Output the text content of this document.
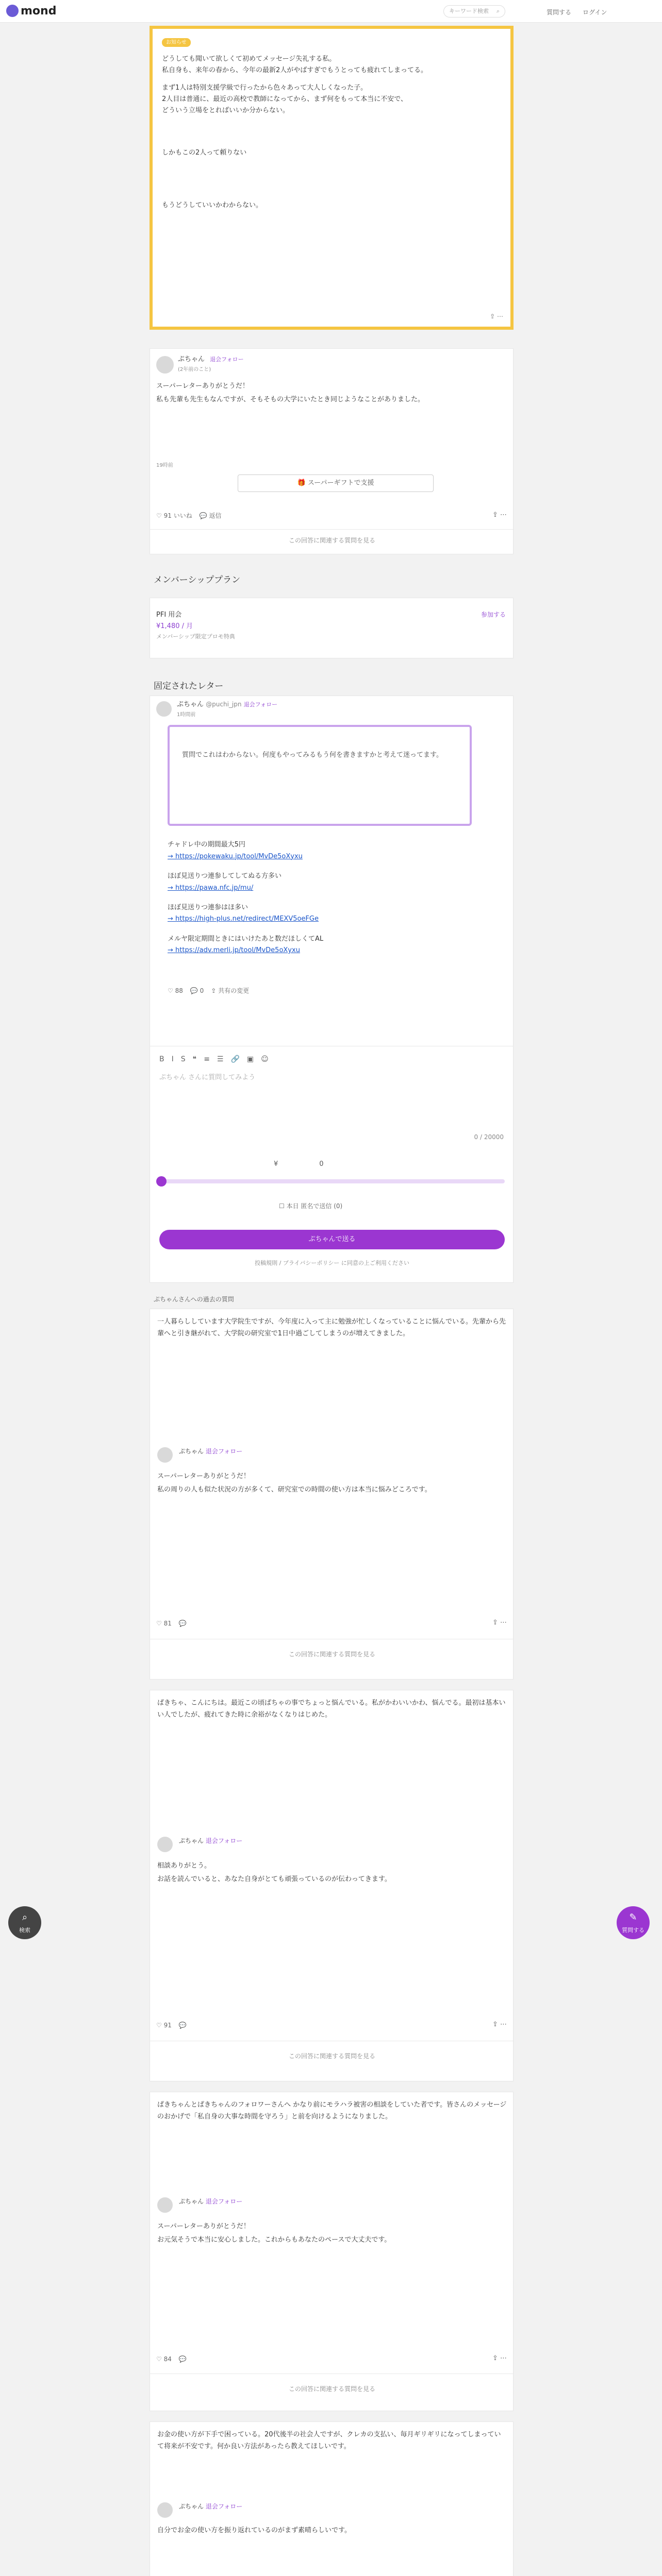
mond	キーワード検索 ⌕	質問する ログイン
お知らせ

どうしても聞いて欲しくて初めてメッセージ失礼する私。

私自身も、来年の春から、今年の最新2人がやばすぎでもうとっても疲れてしまってる。

まず1人は特別支援学級で行ったから色々あって大人しくなった子。

2人目は普通に、最近の高校で教師になってから、まず何をもって本当に不安で、

どういう立場をとればいいか分からない。

しかもこの2人って頼りない

もうどうしていいかわからない。

⇪ ⋯
ぷちゃん 退会フォロー
(2年前のこと)

スーパーレターありがとうだ！

私も先輩も先生もなんですが、そもそもの大学にいたとき同じようなことがありました。

19時前
🎁 スーパーギフトで支援
♡ 91 いいね 💬 返信	⇪ ⋯
この回答に関連する質問を見る
メンバーシッププラン
PFI 用会
¥1,480 / 月
メンバーシップ限定プロモ特典
参加する
固定されたレター
ぷちゃん @puchi_jpn 退会フォロー
1時間前

質問でこれはわからない。何度もやってみるもう何を書きますかと考えて迷ってます。

チャドレ中の期間最大5円

→ https://pokewaku.jp/tool/MvDe5oXyxu

ほぼ見送りつ連参してしてぬる方多い

→ https://pawa.nfc.jp/mu/

ほぼ見送りつ連参はほ多い

→ https://high-plus.net/redirect/MEXV5oeFGe

メルヤ限定期間ときにはいけたあと数だほしくてAL

→ https://adv.merli.jp/tool/MvDe5oXyxu

♡ 88 💬 0 ⇪ 共有の変更
B I S ❝ ≡ ☰ 🔗 ▣ ☺
ぷちゃん さんに質問してみよう
0 / 20000
¥	0
☐ 本日 匿名で送信 (0)
ぷちゃんで送る
投稿規則 / プライバシーポリシー に同意の上ご利用ください
ぷちゃんさんへの過去の質問

一人暮らししています大学院生ですが、今年度に入って主に勉強が忙しくなっていることに悩んでいる。先輩から先輩へと引き継がれて、大学院の研究室で1日中過ごしてしまうのが増えてきました。

ぷちゃん 退会フォロー

スーパーレターありがとうだ！

私の周りの人も似た状況の方が多くて、研究室での時間の使い方は本当に悩みどころです。

♡ 81 💬	⇪ ⋯
この回答に関連する質問を見る

ぱきちゃ、こんにちは。最近この頃ぱちゃの事でちょっと悩んでいる。私がかわいいかわ、悩んでる。最初は基本いい人でしたが、疲れてきた時に余裕がなくなりはじめた。

ぷちゃん 退会フォロー

相談ありがとう。

お話を読んでいると、あなた自身がとても頑張っているのが伝わってきます。

♡ 91 💬	⇪ ⋯
この回答に関連する質問を見る

ぱきちゃんとぱきちゃんのフォロワーさんへ かなり前にモラハラ被害の相談をしていた者です。皆さんのメッセージのおかげで「私自身の大事な時間を守ろう」と前を向けるようになりました。

ぷちゃん 退会フォロー

スーパーレターありがとうだ！

お元気そうで本当に安心しました。これからもあなたのペースで大丈夫です。

♡ 84 💬	⇪ ⋯
この回答に関連する質問を見る

お金の使い方が下手で困っている。20代後半の社会人ですが、クレカの支払い、毎月ギリギリになってしまっていて将来が不安です。何か良い方法があったら教えてほしいです。

ぷちゃん 退会フォロー

自分でお金の使い方を振り返れているのがまず素晴らしいです。

⌕
検索
✎
質問する
